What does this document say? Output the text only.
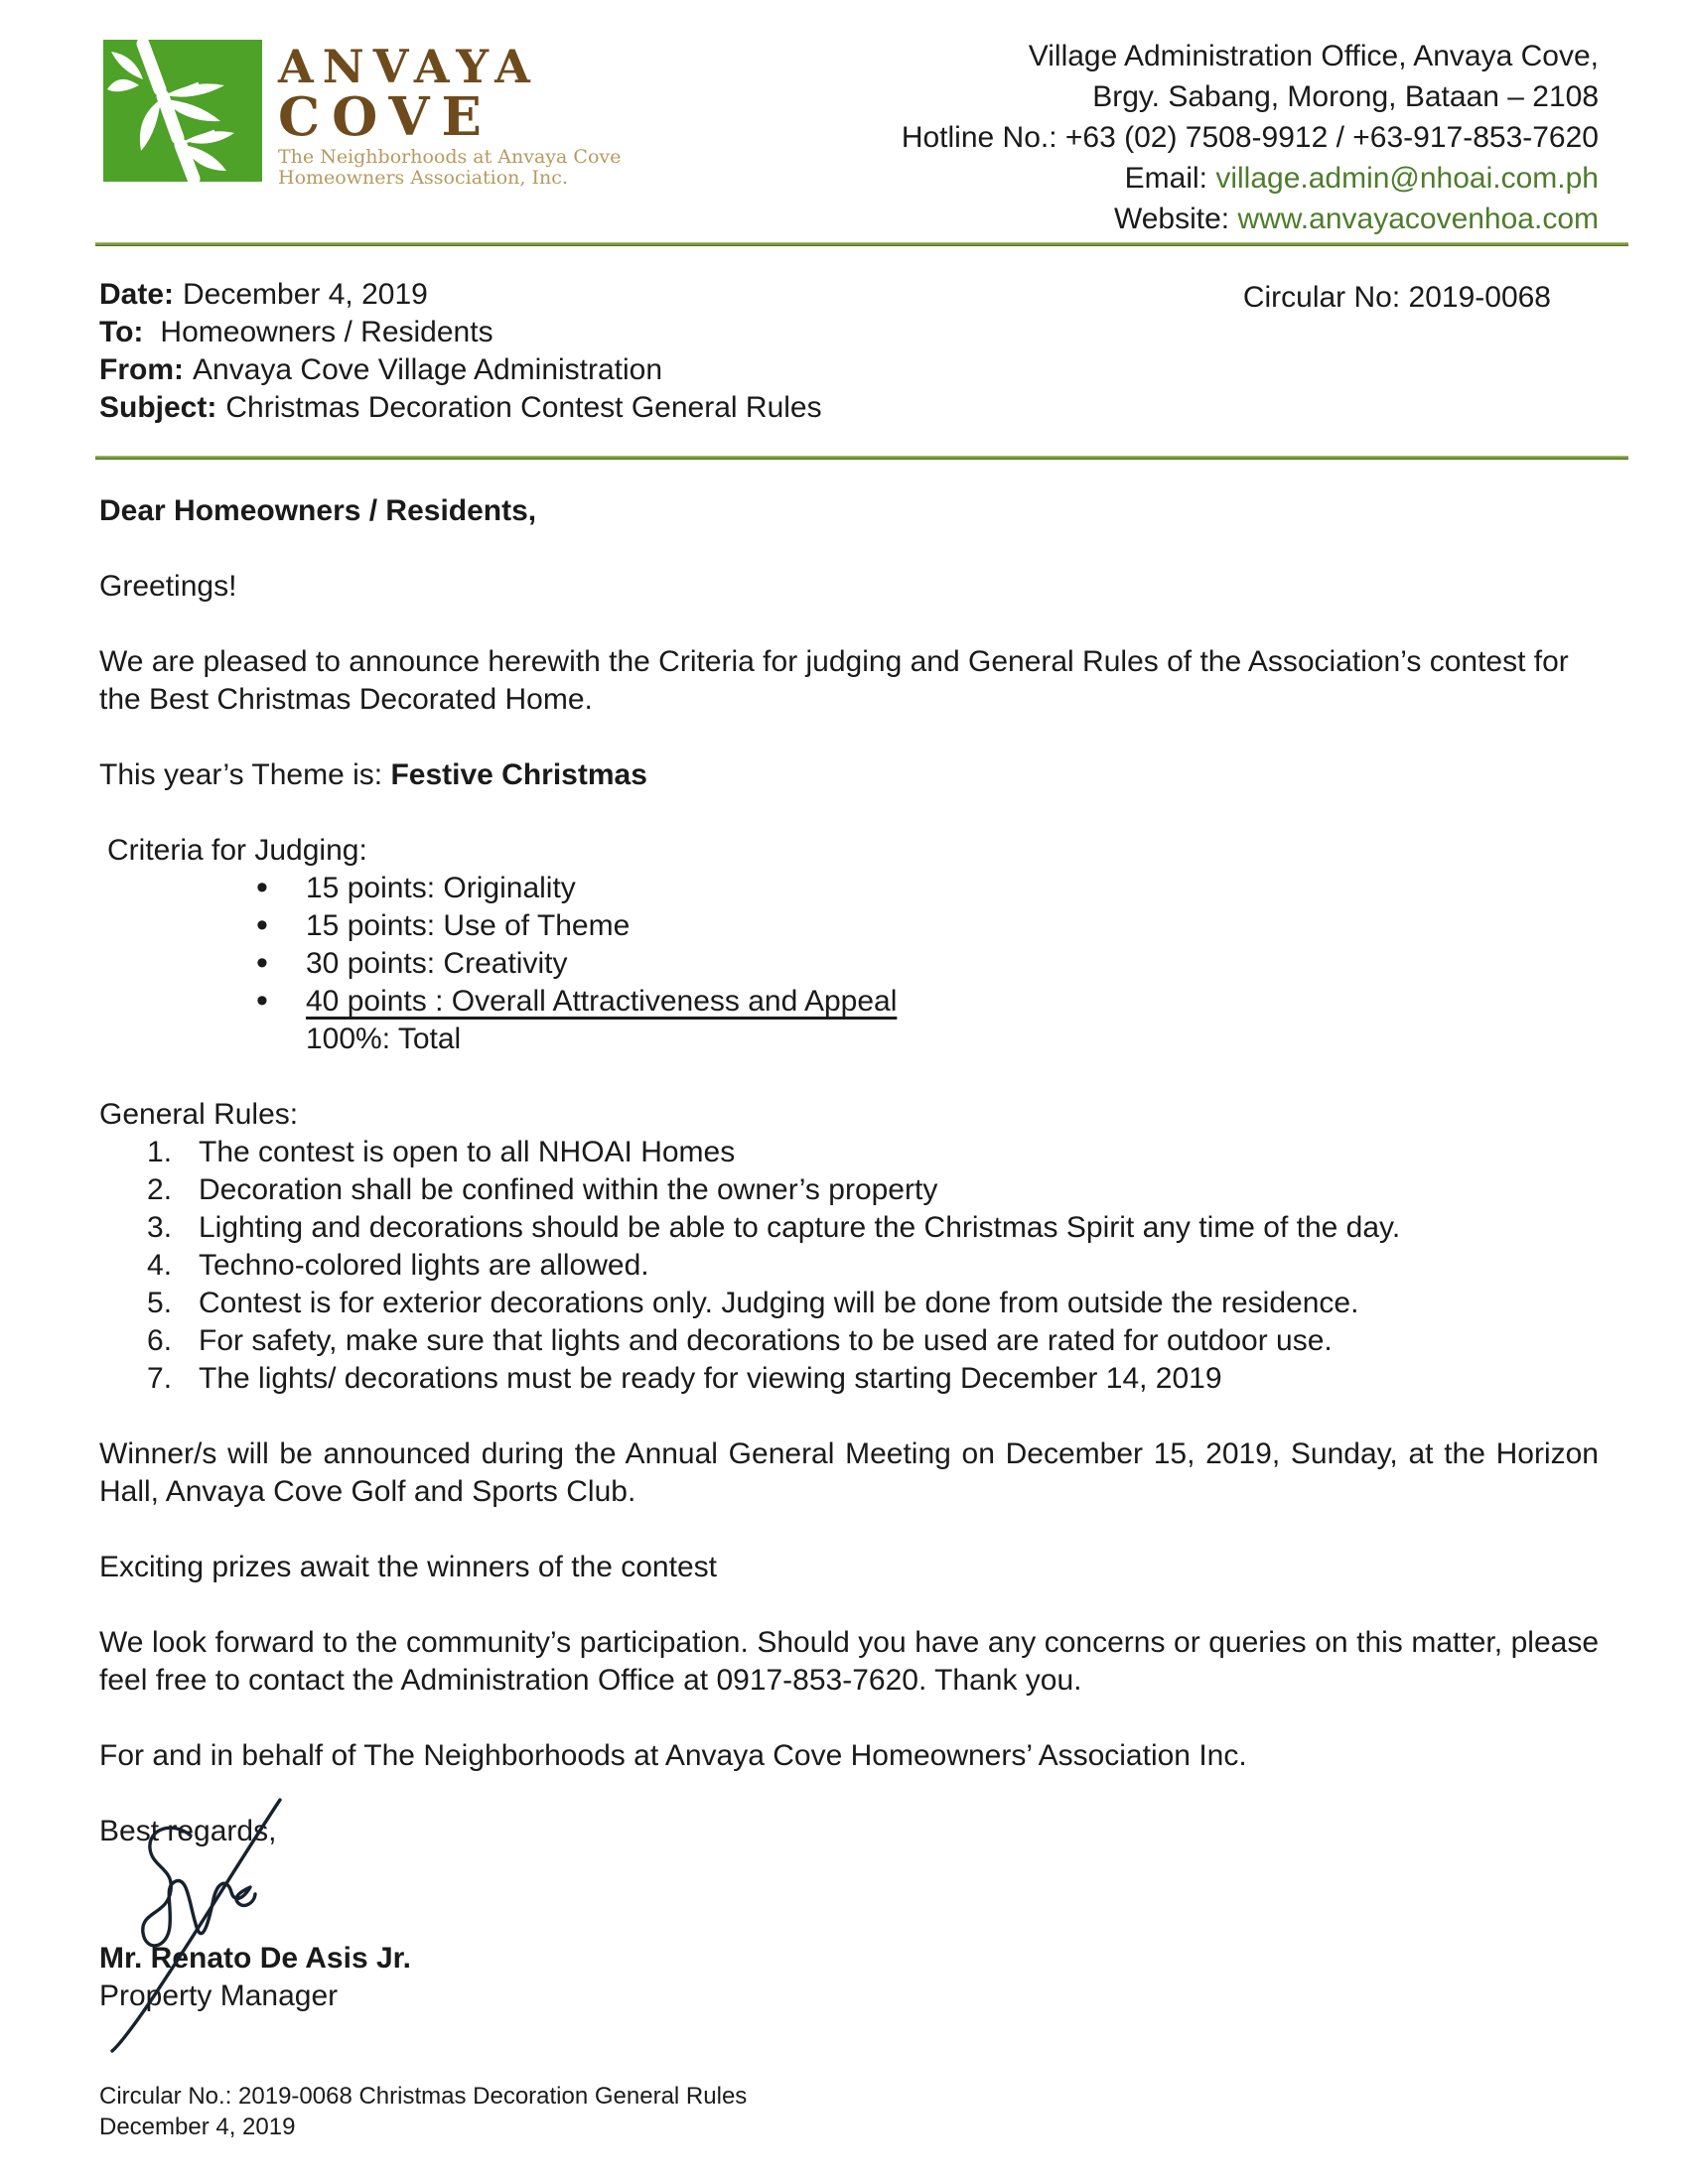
ANVAYA
COVE
The Neighborhoods at Anvaya Cove
Homeowners Association, Inc.
Village Administration Office, Anvaya Cove,
Brgy. Sabang, Morong, Bataan – 2108
Hotline No.: +63 (02) 7508-9912 / +63-917-853-7620
Email: village.admin@nhoai.com.ph
Website: www.anvayacovenhoa.com
Date: December 4, 2019
To: Homeowners / Residents
From: Anvaya Cove Village Administration
Subject: Christmas Decoration Contest General Rules
Circular No: 2019-0068
Dear Homeowners / Residents,
Greetings!
We are pleased to announce herewith the Criteria for judging and General Rules of the Association’s contest for the Best Christmas Decorated Home.
This year’s Theme is: Festive Christmas
Criteria for Judging:
• 15 points: Originality
• 15 points: Use of Theme
• 30 points: Creativity
• 40 points : Overall Attractiveness and Appeal
100%: Total
General Rules:
The contest is open to all NHOAI Homes
Decoration shall be confined within the owner’s property
Lighting and decorations should be able to capture the Christmas Spirit any time of the day.
Techno-colored lights are allowed.
Contest is for exterior decorations only. Judging will be done from outside the residence.
For safety, make sure that lights and decorations to be used are rated for outdoor use.
The lights/ decorations must be ready for viewing starting December 14, 2019
Winner/s will be announced during the Annual General Meeting on December 15, 2019, Sunday, at the Horizon Hall, Anvaya Cove Golf and Sports Club.
Exciting prizes await the winners of the contest
We look forward to the community’s participation. Should you have any concerns or queries on this matter, please feel free to contact the Administration Office at 0917-853-7620. Thank you.
For and in behalf of The Neighborhoods at Anvaya Cove Homeowners’ Association Inc.
Best regards,
Mr. Renato De Asis Jr.
Property Manager
Circular No.: 2019-0068 Christmas Decoration General Rules
December 4, 2019
